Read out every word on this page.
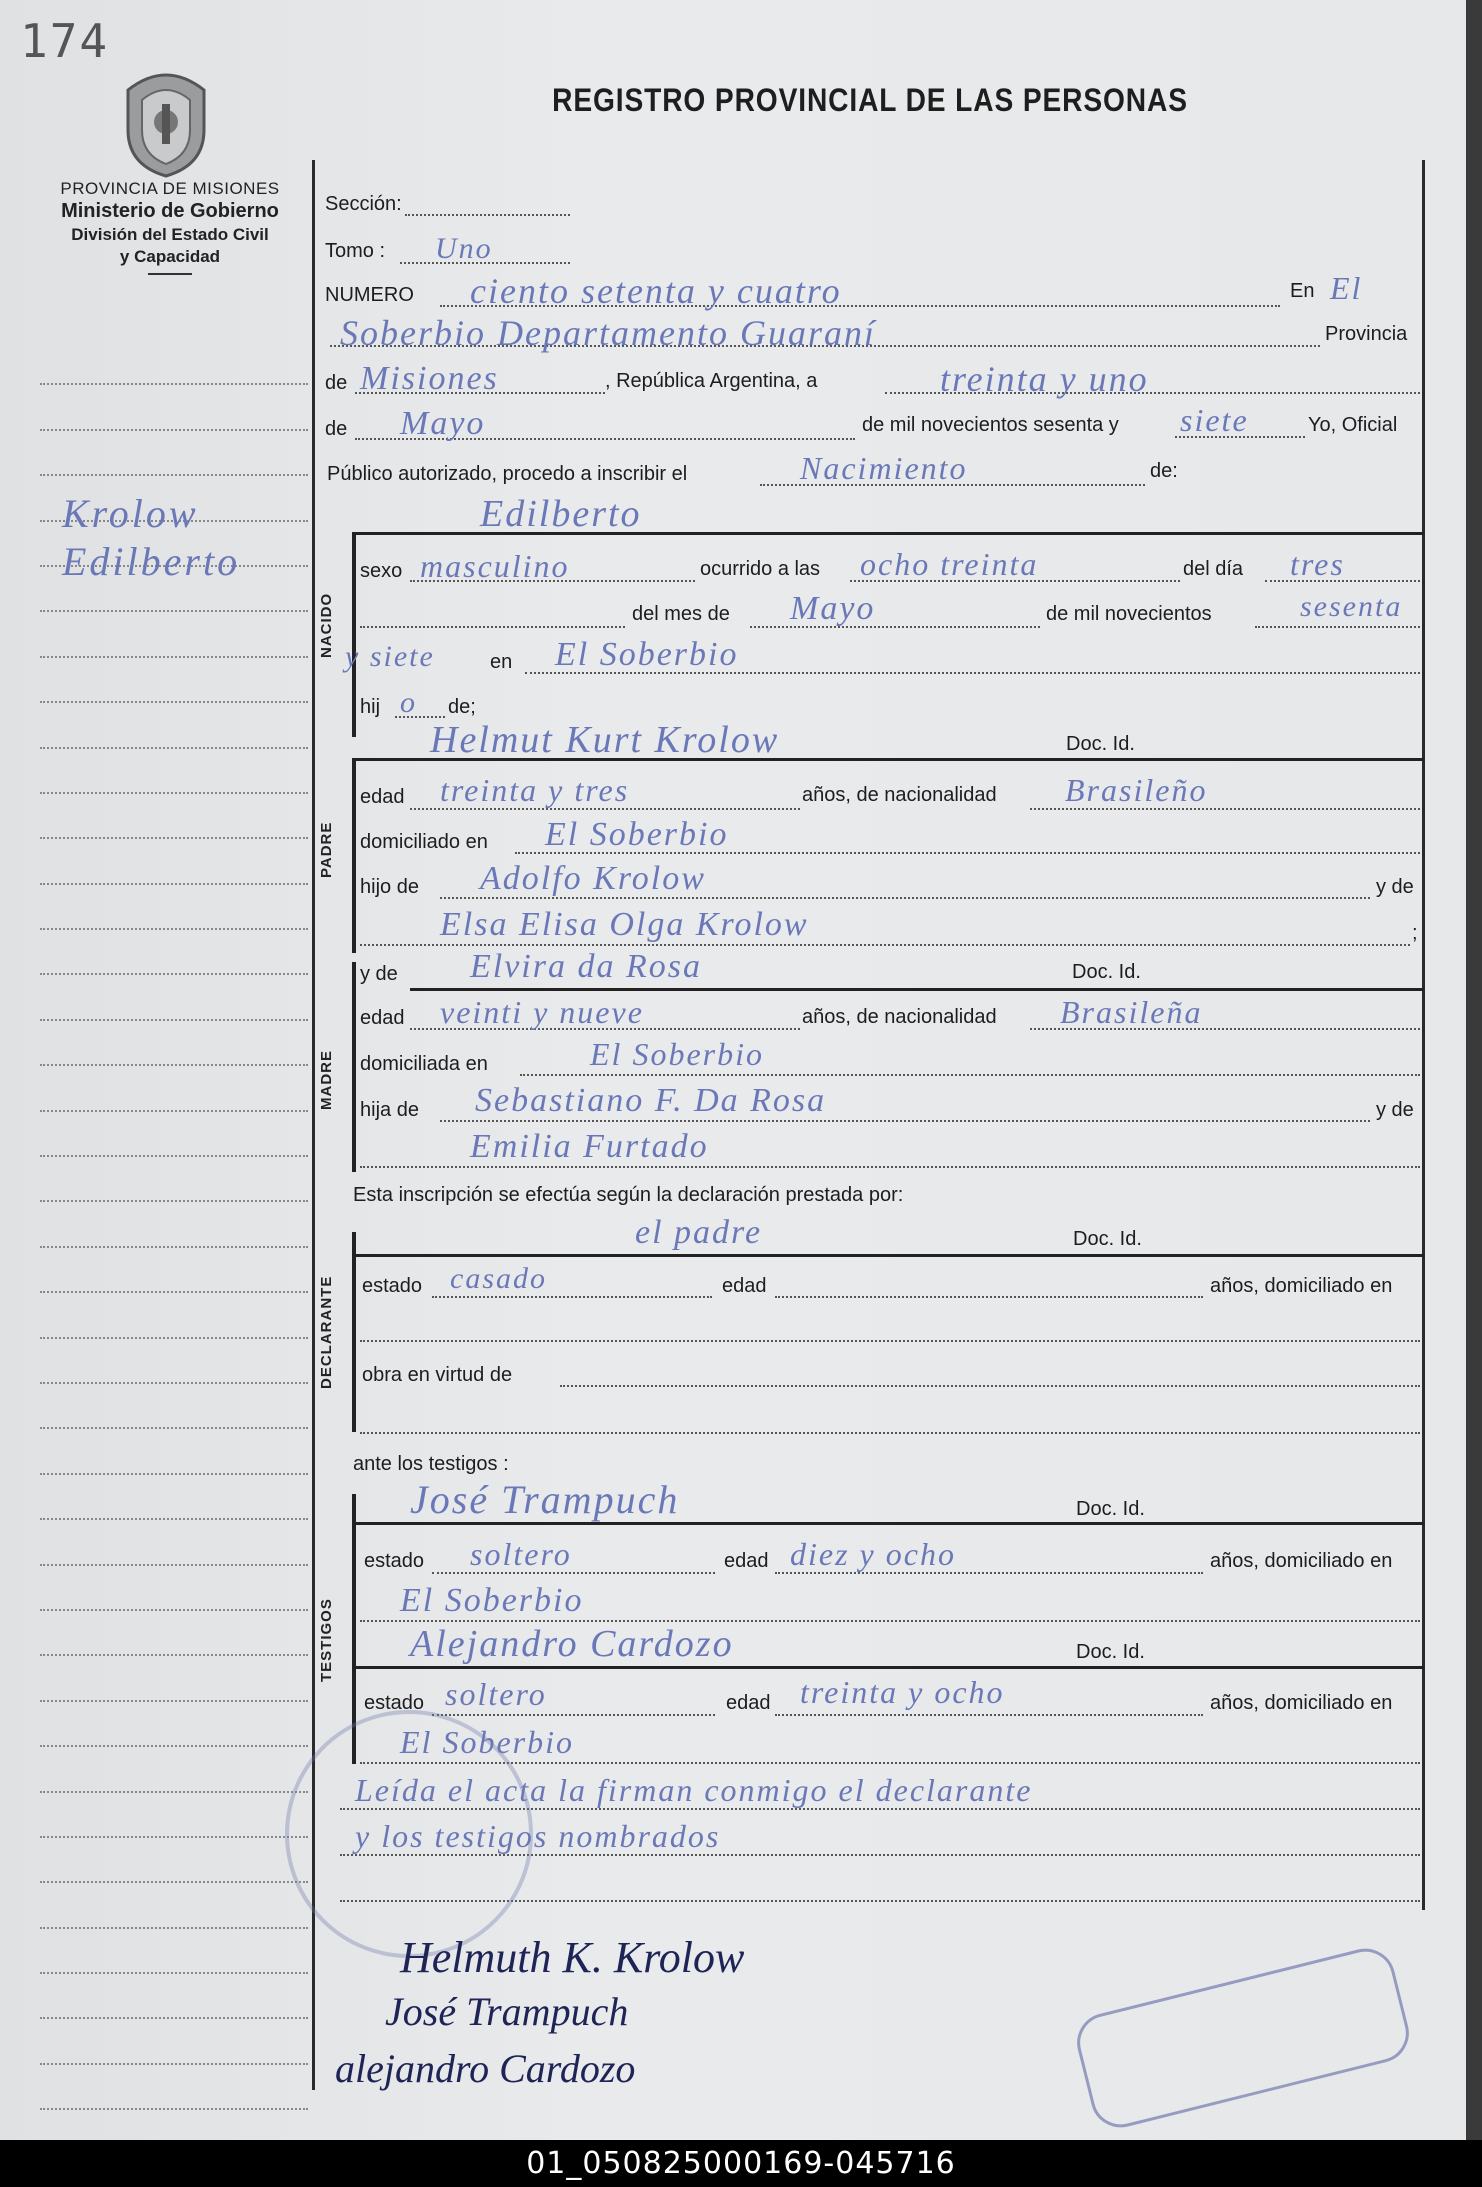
174
PROVINCIA DE MISIONES
Ministerio de Gobierno
División del Estado Civil
y Capacidad
REGISTRO PROVINCIAL DE LAS PERSONAS
Krolow
Edilberto
Sección:
Tomo : Uno
NUMERO ciento setenta y cuatro	En El
Soberbio Departamento Guaraní	Provincia
de Misiones	, República Argentina, a	treinta y uno
de Mayo	de mil novecientos sesenta y siete	Yo, Oficial
Público autorizado, procedo a inscribir el	Nacimiento	de:
NACIDO
Edilberto
sexo masculino	ocurrido a las ocho treinta	del día tres
del mes de Mayo	de mil novecientos	sesenta
y siete	en El Soberbio
hij o de;
PADRE
Helmut Kurt Krolow	Doc. Id.
edad treinta y tres	años, de nacionalidad Brasileño
domiciliado en El Soberbio
hijo de Adolfo Krolow	y de
Elsa Elisa Olga Krolow	;
MADRE
y de Elvira da Rosa	Doc. Id.
edad veinti y nueve	años, de nacionalidad Brasileña
domiciliada en	El Soberbio
hija de Sebastiano F. Da Rosa	y de
Emilia Furtado
Esta inscripción se efectúa según la declaración prestada por:
DECLARANTE
el padre	Doc. Id.
estado casado	edad	años, domiciliado en
obra en virtud de
ante los testigos :
TESTIGOS
José Trampuch	Doc. Id.
estado soltero	edad diez y ocho	años, domiciliado en
El Soberbio
Alejandro Cardozo	Doc. Id.
estado soltero	edad treinta y ocho	años, domiciliado en
El Soberbio
Leída el acta la firman conmigo el declarante
y los testigos nombrados
Helmuth K. Krolow
José Trampuch
alejandro Cardozo
01_050825000169-045716
